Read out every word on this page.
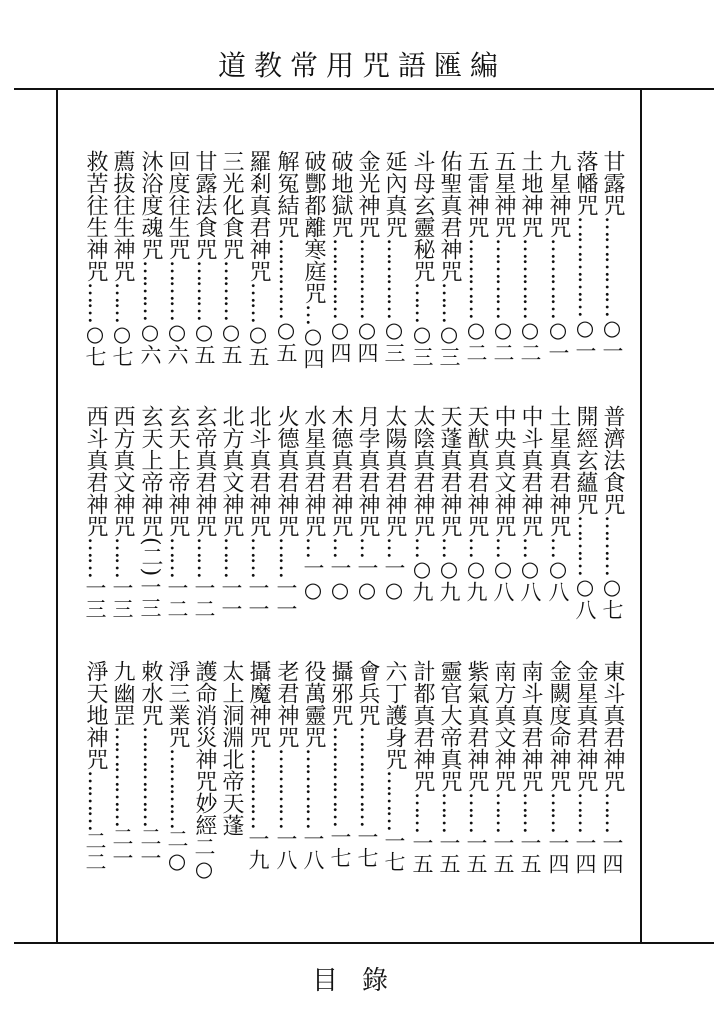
道教常用咒語匯編
甘露咒……………○一
落幡咒……………○一
九星神咒…………○一
土地神咒…………○二
五星神咒…………○二
五雷神咒…………○二
佑聖真君神咒……○三
斗母玄靈秘咒……○三
延內真咒…………○三
金光神咒…………○四
破地獄咒…………○四
破酆都離寒庭咒…○四
解冤結咒…………○五
羅剎真君神咒……○五
三光化食咒………○五
甘露法食咒………○五
回度往生咒………○六
沐浴度魂咒………○六
薦拔往生神咒……○七
救苦往生神咒……○七
普濟法食咒………○七
開經玄蘊咒………○八
土星真君神咒…○八
中斗真君神咒…○八
中央真文神咒…○八
天猷真君神咒…○九
天蓬真君神咒…○九
太陰真君神咒…○九
太陽真君神咒…一○
月孛真君神咒…一○
木德真君神咒…一○
水星真君神咒…一○
火德真君神咒……一一
北斗真君神咒……一一
北方真文神咒……一一
玄帝真君神咒……一二
玄天上帝神咒……一二
玄天上帝神咒(二)一三
西方真文神咒……一三
西斗真君神咒……一三
東斗真君神咒……一四
金星真君神咒……一四
金闕度命神咒……一四
南斗真君神咒……一五
南方真文神咒……一五
紫氣真君神咒……一五
靈官大帝真咒……一五
計都真君神咒……一五
六丁護身咒………一七
會兵咒……………一七
攝邪咒……………一七
役萬靈咒…………一八
老君神咒…………一八
攝魔神咒…………一九
太上洞淵北帝天蓬
護命消災神咒妙經二○
淨三業咒…………二○
敕水咒……………二一
九幽罡……………二一
淨天地神咒………二二
目錄
